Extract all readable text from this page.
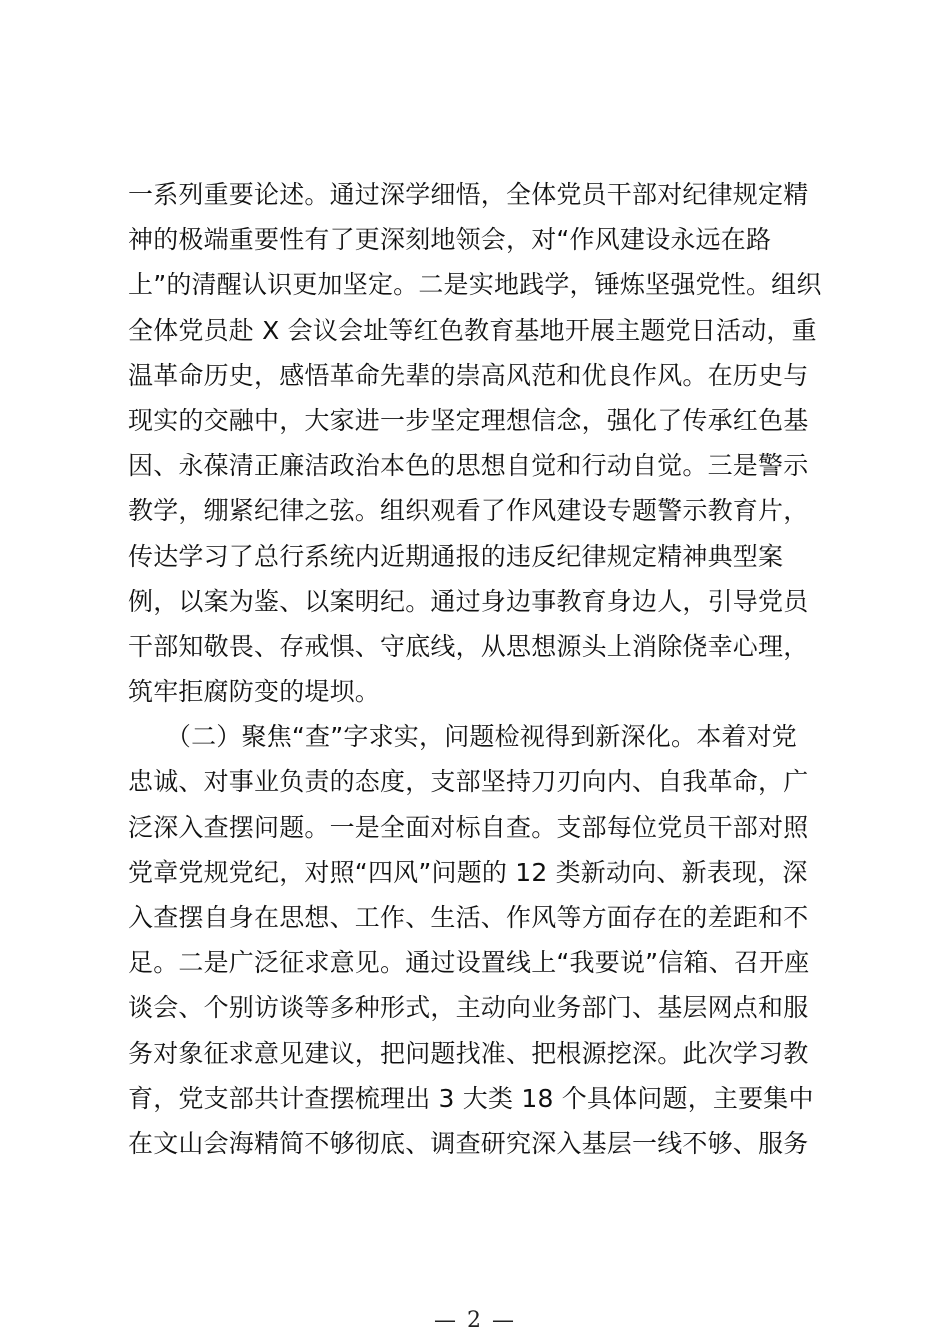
一系列重要论述。通过深学细悟，全体党员干部对纪律规定精
神的极端重要性有了更深刻地领会，对“作风建设永远在路
上”的清醒认识更加坚定。二是实地践学，锤炼坚强党性。组织
全体党员赴 X 会议会址等红色教育基地开展主题党日活动，重
温革命历史，感悟革命先辈的崇高风范和优良作风。在历史与
现实的交融中，大家进一步坚定理想信念，强化了传承红色基
因、永葆清正廉洁政治本色的思想自觉和行动自觉。三是警示
教学，绷紧纪律之弦。组织观看了作风建设专题警示教育片，
传达学习了总行系统内近期通报的违反纪律规定精神典型案
例，以案为鉴、以案明纪。通过身边事教育身边人，引导党员
干部知敬畏、存戒惧、守底线，从思想源头上消除侥幸心理，
筑牢拒腐防变的堤坝。
　　（二）聚焦“查”字求实，问题检视得到新深化。本着对党
忠诚、对事业负责的态度，支部坚持刀刃向内、自我革命，广
泛深入查摆问题。一是全面对标自查。支部每位党员干部对照
党章党规党纪，对照“四风”问题的 12 类新动向、新表现，深
入查摆自身在思想、工作、生活、作风等方面存在的差距和不
足。二是广泛征求意见。通过设置线上“我要说”信箱、召开座
谈会、个别访谈等多种形式，主动向业务部门、基层网点和服
务对象征求意见建议，把问题找准、把根源挖深。此次学习教
育，党支部共计查摆梳理出 3 大类 18 个具体问题，主要集中
在文山会海精简不够彻底、调查研究深入基层一线不够、服务
— 2 —
